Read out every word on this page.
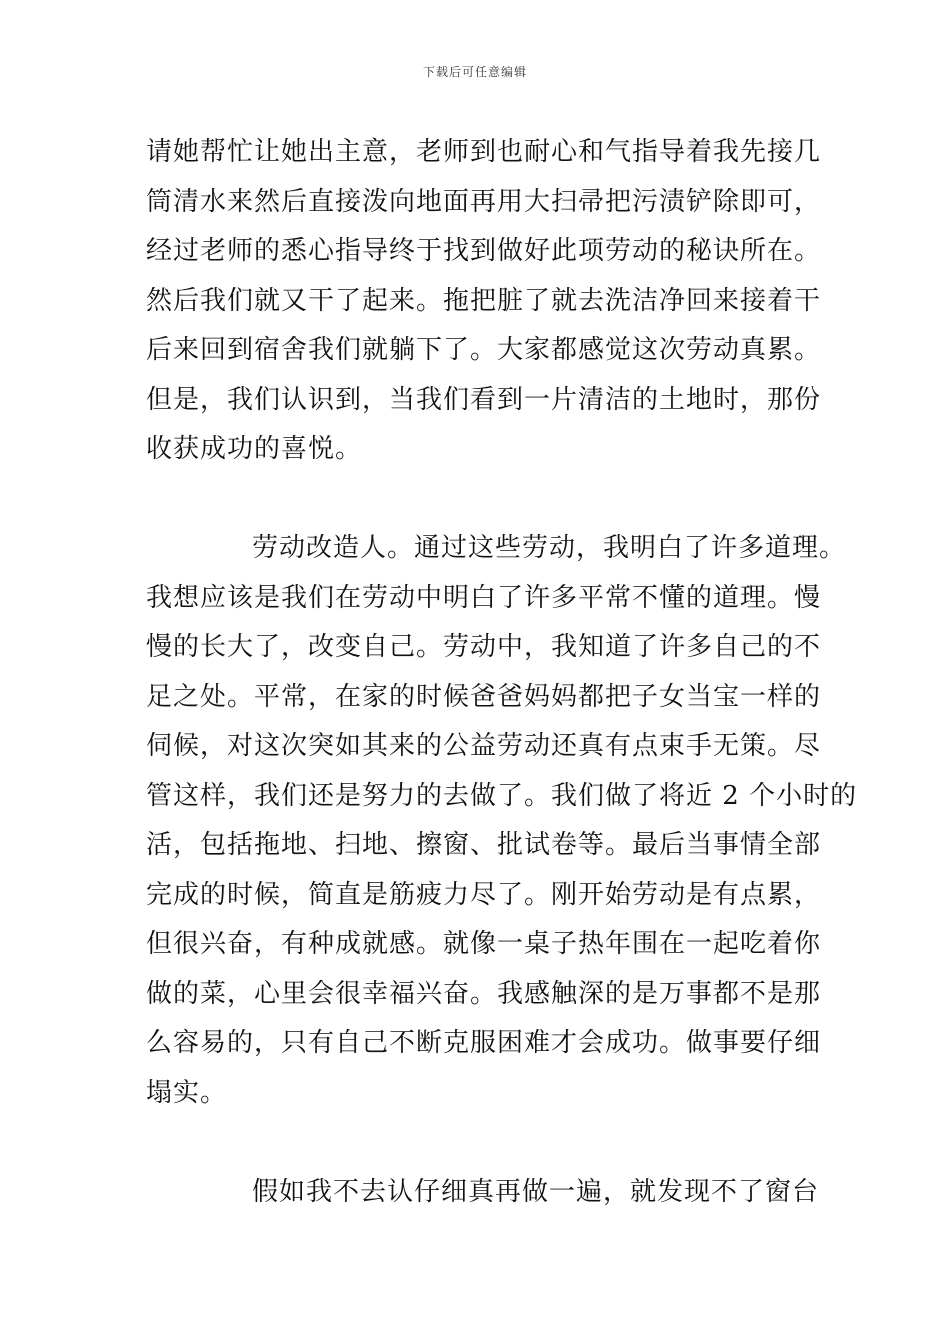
下载后可任意编辑
请她帮忙让她出主意，老师到也耐心和气指导着我先接几
筒清水来然后直接泼向地面再用大扫帚把污渍铲除即可，
经过老师的悉心指导终于找到做好此项劳动的秘诀所在。
然后我们就又干了起来。拖把脏了就去洗洁净回来接着干
后来回到宿舍我们就躺下了。大家都感觉这次劳动真累。
但是，我们认识到，当我们看到一片清洁的土地时，那份
收获成功的喜悦。
劳动改造人。通过这些劳动，我明白了许多道理。
我想应该是我们在劳动中明白了许多平常不懂的道理。慢
慢的长大了，改变自己。劳动中，我知道了许多自己的不
足之处。平常，在家的时候爸爸妈妈都把子女当宝一样的
伺候，对这次突如其来的公益劳动还真有点束手无策。尽
管这样，我们还是努力的去做了。我们做了将近 2 个小时的
活，包括拖地、扫地、擦窗、批试卷等。最后当事情全部
完成的时候，简直是筋疲力尽了。刚开始劳动是有点累，
但很兴奋，有种成就感。就像一桌子热年围在一起吃着你
做的菜，心里会很幸福兴奋。我感触深的是万事都不是那
么容易的，只有自己不断克服困难才会成功。做事要仔细
塌实。
假如我不去认仔细真再做一遍，就发现不了窗台
